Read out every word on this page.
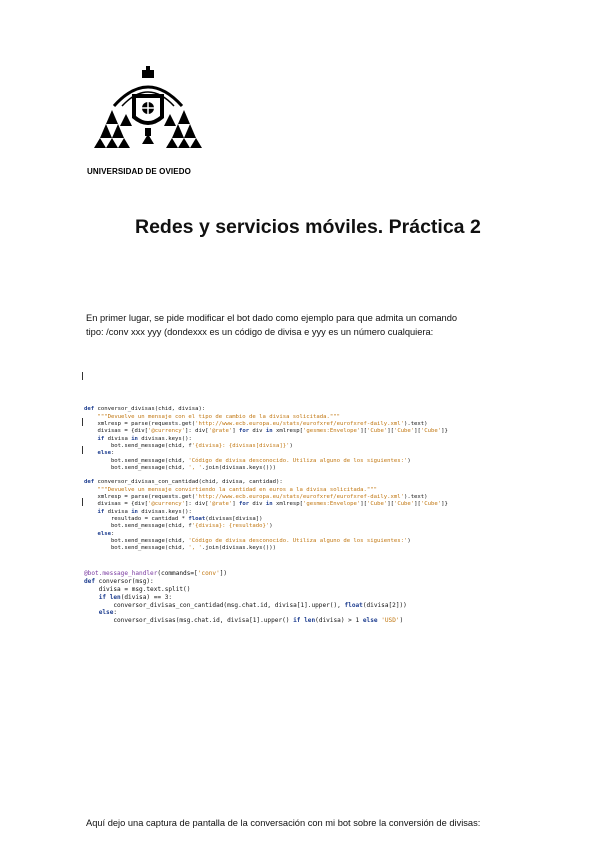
UNIVERSIDAD DE OVIEDO
Redes y servicios móviles. Práctica 2
En primer lugar, se pide modificar el bot dado como ejemplo para que admita un comando
tipo: /conv xxx yyy (dondexxx es un código de divisa e yyy es un número cualquiera:

def conversor_divisas(chid, divisa):
"""Devuelve un mensaje con el tipo de cambio de la divisa solicitada."""
xmlresp = parse(requests.get('http://www.ecb.europa.eu/stats/eurofxref/eurofxref-daily.xml').text)
divisas = {div['@currency']: div['@rate'] for div in xmlresp['gesmes:Envelope']['Cube']['Cube']['Cube']}
if divisa in divisas.keys():
bot.send_message(chid, f'{divisa}: {divisas[divisa]}')
else:
bot.send_message(chid, 'Código de divisa desconocido. Utiliza alguno de los siguientes:')
bot.send_message(chid, ', '.join(divisas.keys()))

def conversor_divisas_con_cantidad(chid, divisa, cantidad):
"""Devuelve un mensaje convirtiendo la cantidad en euros a la divisa solicitada."""
xmlresp = parse(requests.get('http://www.ecb.europa.eu/stats/eurofxref/eurofxref-daily.xml').text)
divisas = {div['@currency']: div['@rate'] for div in xmlresp['gesmes:Envelope']['Cube']['Cube']['Cube']}
if divisa in divisas.keys():
resultado = cantidad * float(divisas[divisa])
bot.send_message(chid, f'{divisa}: {resultado}')
else:
bot.send_message(chid, 'Código de divisa desconocido. Utiliza alguno de los siguientes:')
bot.send_message(chid, ', '.join(divisas.keys()))
@bot.message_handler(commands=['conv'])
def conversor(msg):
divisa = msg.text.split()
if len(divisa) == 3:
conversor_divisas_con_cantidad(msg.chat.id, divisa[1].upper(), float(divisa[2]))
else:
conversor_divisas(msg.chat.id, divisa[1].upper() if len(divisa) > 1 else 'USD')
Aquí dejo una captura de pantalla de la conversación con mi bot sobre la conversión de divisas:
